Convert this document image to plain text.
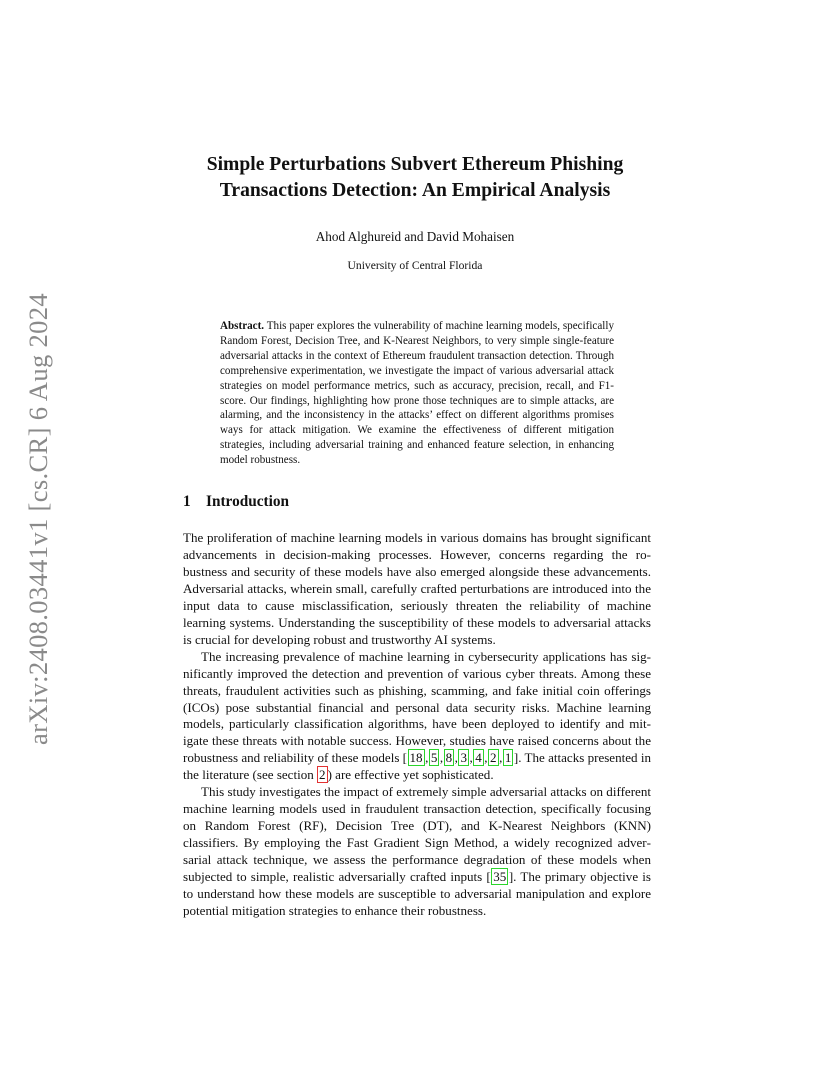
arXiv:2408.03441v1 [cs.CR] 6 Aug 2024
Simple Perturbations Subvert Ethereum Phishing
Transactions Detection: An Empirical Analysis
Ahod Alghureid and David Mohaisen
University of Central Florida
Abstract. This paper explores the vulnerability of machine learning models, specifically Random Forest, Decision Tree, and K-Nearest Neighbors, to very simple single-feature adversarial attacks in the context of Ethereum fraudulent transaction detection. Through comprehensive experimentation, we investigate the impact of various adversarial attack strategies on model performance metrics, such as accuracy, precision, recall, and F1-score. Our findings, highlighting how prone those techniques are to simple attacks, are alarming, and the inconsistency in the attacks’ effect on different algorithms promises ways for attack mitigation. We examine the effectiveness of different mitigation strategies, including adversarial training and enhanced feature selection, in enhancing model robustness.
1 Introduction

The proliferation of machine learning models in various domains has brought significant advancements in decision-making processes. However, concerns regarding the robustness and security of these models have also emerged alongside these advancements. Adversarial attacks, wherein small, carefully crafted perturbations are introduced into the input data to cause misclassification, seriously threaten the reliability of machine learning systems. Understanding the susceptibility of these models to adversarial attacks is crucial for developing robust and trustworthy AI systems.

The increasing prevalence of machine learning in cybersecurity applications has significantly improved the detection and prevention of various cyber threats. Among these threats, fraudulent activities such as phishing, scamming, and fake initial coin offerings (ICOs) pose substantial financial and personal data security risks. Machine learning models, particularly classification algorithms, have been deployed to identify and mitigate these threats with notable success. However, studies have raised concerns about the robustness and reliability of these models [ 18 , 5 , 8 , 3 , 4 , 2 , 1 ]. The attacks presented in the literature (see section 2 ) are effective yet sophisticated.

This study investigates the impact of extremely simple adversarial attacks on different machine learning models used in fraudulent transaction detection, specifically focusing on Random Forest (RF), Decision Tree (DT), and K-Nearest Neighbors (KNN) classifiers. By employing the Fast Gradient Sign Method, a widely recognized adversarial attack technique, we assess the performance degradation of these models when subjected to simple, realistic adversarially crafted inputs [ 35 ]. The primary objective is to understand how these models are susceptible to adversarial manipulation and explore potential mitigation strategies to enhance their robustness.
